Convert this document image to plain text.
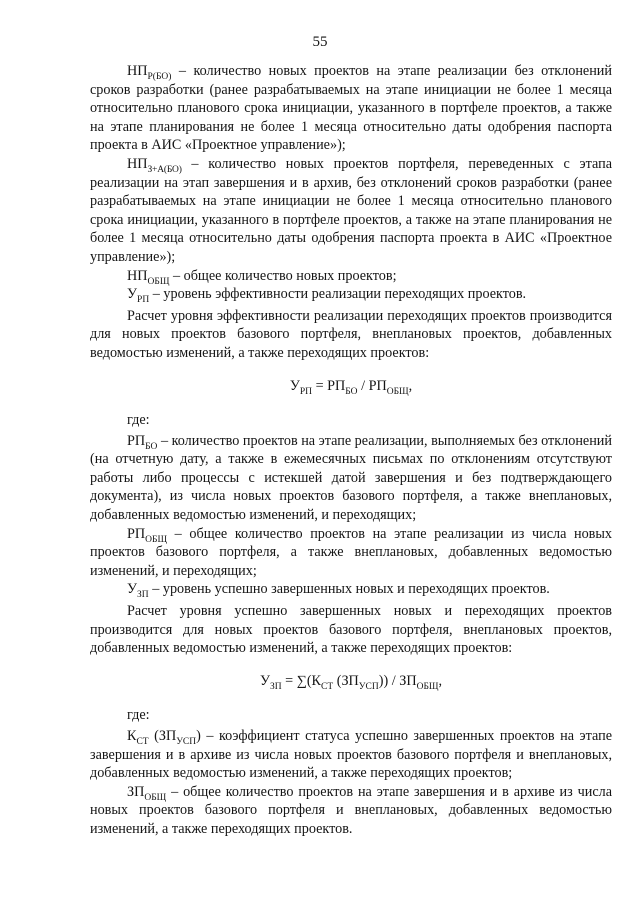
55

$НП_{Р(БО)}$ – количество новых проектов на этапе реализации без отклонений сроков разработки (ранее разрабатываемых на этапе инициации не более 1 месяца относительно планового срока инициации, указанного в портфеле проектов, а также на этапе планирования не более 1 месяца относительно даты одобрения паспорта проекта в АИС «Проектное управление»);

$НП_{З+А(БО)}$ – количество новых проектов портфеля, переведенных с этапа реализации на этап завершения и в архив, без отклонений сроков разработки (ранее разрабатываемых на этапе инициации не более 1 месяца относительно планового срока инициации, указанного в портфеле проектов, а также на этапе планирования не более 1 месяца относительно даты одобрения паспорта проекта в АИС «Проектное управление»);

$НП_{ОБЩ}$ – общее количество новых проектов;

$У_{РП}$ – уровень эффективности реализации переходящих проектов.

Расчет уровня эффективности реализации переходящих проектов производится для новых проектов базового портфеля, внеплановых проектов, добавленных ведомостью изменений, а также переходящих проектов:

$У_{РП} = РП_{БО} / РП_{ОБЩ}$,

где:

$РП_{БО}$ – количество проектов на этапе реализации, выполняемых без отклонений (на отчетную дату, а также в ежемесячных письмах по отклонениям отсутствуют работы либо процессы с истекшей датой завершения и без подтверждающего документа), из числа новых проектов базового портфеля, а также внеплановых, добавленных ведомостью изменений, и переходящих;

$РП_{ОБЩ}$ – общее количество проектов на этапе реализации из числа новых проектов базового портфеля, а также внеплановых, добавленных ведомостью изменений, и переходящих;

$У_{ЗП}$ – уровень успешно завершенных новых и переходящих проектов.

Расчет уровня успешно завершенных новых и переходящих проектов производится для новых проектов базового портфеля, внеплановых проектов, добавленных ведомостью изменений, а также переходящих проектов:

$У_{ЗП} = \sum(К_{СТ}$ $(ЗП_{УСП})) / ЗП_{ОБЩ}$,

где:

$К_{СТ}$ $(ЗП_{УСП})$ – коэффициент статуса успешно завершенных проектов на этапе завершения и в архиве из числа новых проектов базового портфеля и внеплановых, добавленных ведомостью изменений, а также переходящих проектов;

$ЗП_{ОБЩ}$ – общее количество проектов на этапе завершения и в архиве из числа новых проектов базового портфеля и внеплановых, добавленных ведомостью изменений, а также переходящих проектов.
